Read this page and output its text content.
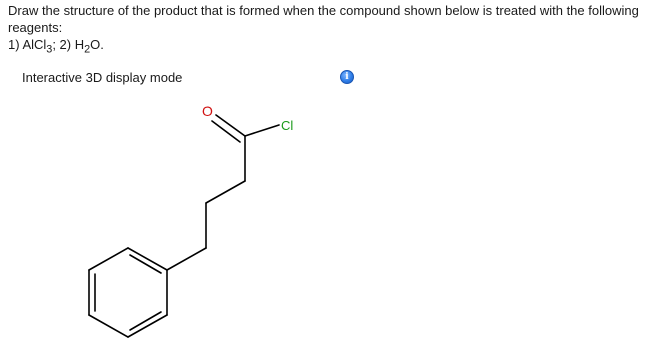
Draw the structure of the product that is formed when the compound shown below is treated with the following

reagents:

1) AlCl$_3$; 2) $H_2O$.

Interactive 3D display mode	i
O
Cl
